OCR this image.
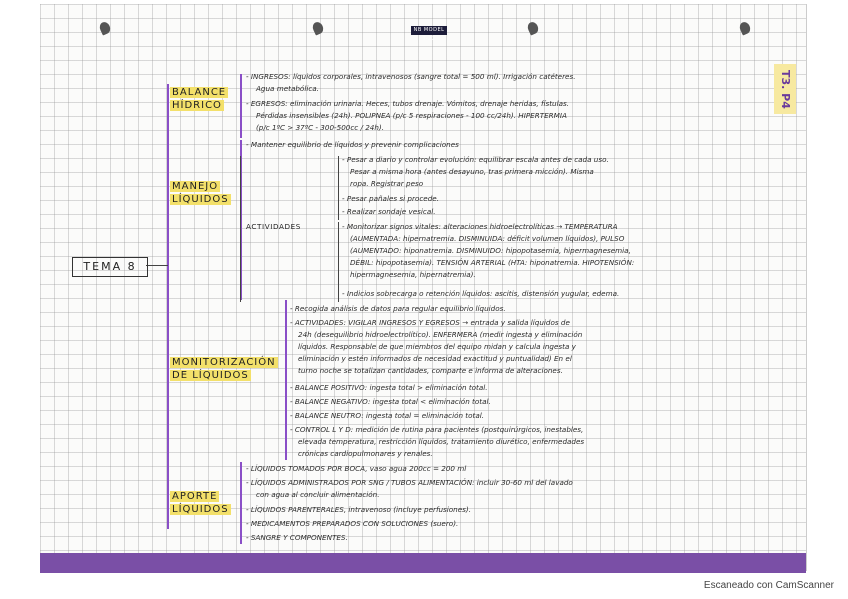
NB MODEL T-22
T3. P4
TEMA 8
BALANCE
HÍDRICO
- INGRESOS: líquidos corporales, intravenosos (sangre total = 500 ml). Irrigación catéteres.
Agua metabólica.
- EGRESOS: eliminación urinaria. Heces, tubos drenaje. Vómitos, drenaje heridas, fístulas.
Pérdidas insensibles (24h). POLIPNEA (p/c 5 respiraciones - 100 cc/24h). HIPERTERMIA
(p/c 1ºC > 37ºC - 300-500cc / 24h).
MANEJO
LÍQUIDOS
- Mantener equilibrio de líquidos y prevenir complicaciones
- Pesar a diario y controlar evolución: equilibrar escala antes de cada uso.
Pesar a misma hora (antes desayuno, tras primera micción). Misma
ropa. Registrar peso
- Pesar pañales si procede.
- Realizar sondaje vesical.
ACTIVIDADES	- Monitorizar signos vitales: alteraciones hidroelectrolíticas → TEMPERATURA
(AUMENTADA: hipernatremia. DISMINUIDA: déficit volumen líquidos), PULSO
(AUMENTADO: hiponatremia. DISMINUIDO: hipopotasemia, hipermagnesemia,
DÉBIL: hipopotasemia). TENSIÓN ARTERIAL (HTA: hiponatremia. HIPOTENSIÓN:
hipermagnesemia, hipernatremia).
- Indicios sobrecarga o retención líquidos: ascitis, distensión yugular, edema.
MONITORIZACIÓN
DE LÍQUIDOS
- Recogida análisis de datos para regular equilibrio líquidos.
- ACTIVIDADES: VIGILAR INGRESOS Y EGRESOS → entrada y salida líquidos de
24h (desequilibrio hidroelectrolítico). ENFERMERA (medir ingesta y eliminación
líquidos. Responsable de que miembros del equipo midan y calcula ingesta y
eliminación y estén informados de necesidad exactitud y puntualidad) En el
turno noche se totalizan cantidades, comparte e informa de alteraciones.
- BALANCE POSITIVO: ingesta total > eliminación total.
- BALANCE NEGATIVO: ingesta total < eliminación total.
- BALANCE NEUTRO: ingesta total = eliminación total.
- CONTROL L Y D: medición de rutina para pacientes (postquirúrgicos, inestables,
elevada temperatura, restricción líquidos, tratamiento diurético, enfermedades
crónicas cardiopulmonares y renales.
APORTE
LÍQUIDOS
- LÍQUIDOS TOMADOS POR BOCA, vaso agua 200cc = 200 ml
- LÍQUIDOS ADMINISTRADOS POR SNG / TUBOS ALIMENTACIÓN: incluir 30-60 ml del lavado
con agua al concluir alimentación.
- LÍQUIDOS PARENTERALES, intravenoso (incluye perfusiones).
- MEDICAMENTOS PREPARADOS CON SOLUCIONES (suero).
- SANGRE Y COMPONENTES.
Escaneado con CamScanner
